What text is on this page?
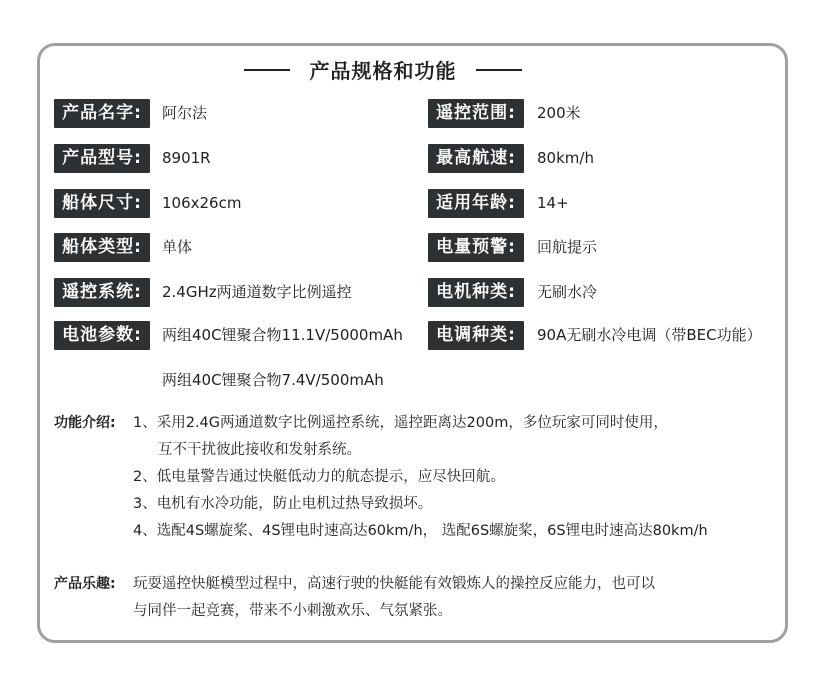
产品规格和功能
产品名字:	阿尔法
产品型号:	8901R
船体尺寸:	106x26cm
船体类型:	单体
遥控系统:	2.4GHz两通道数字比例遥控
电池参数:	两组40C锂聚合物11.1V/5000mAh
两组40C锂聚合物7.4V/500mAh
遥控范围:	200米
最高航速:	80km/h
适用年龄:	14+
电量预警:	回航提示
电机种类:	无刷水冷
电调种类:	90A无刷水冷电调（带BEC功能）
功能介绍: 1、采用2.4G两通道数字比例遥控系统，遥控距离达200m，多位玩家可同时使用，
互不干扰彼此接收和发射系统。
2、低电量警告通过快艇低动力的航态提示，应尽快回航。
3、电机有水冷功能，防止电机过热导致损坏。
4、选配4S螺旋桨、4S锂电时速高达60km/h， 选配6S螺旋桨，6S锂电时速高达80km/h
产品乐趣: 玩耍遥控快艇模型过程中，高速行驶的快艇能有效锻炼人的操控反应能力，也可以
与同伴一起竞赛，带来不小刺激欢乐、气氛紧张。
